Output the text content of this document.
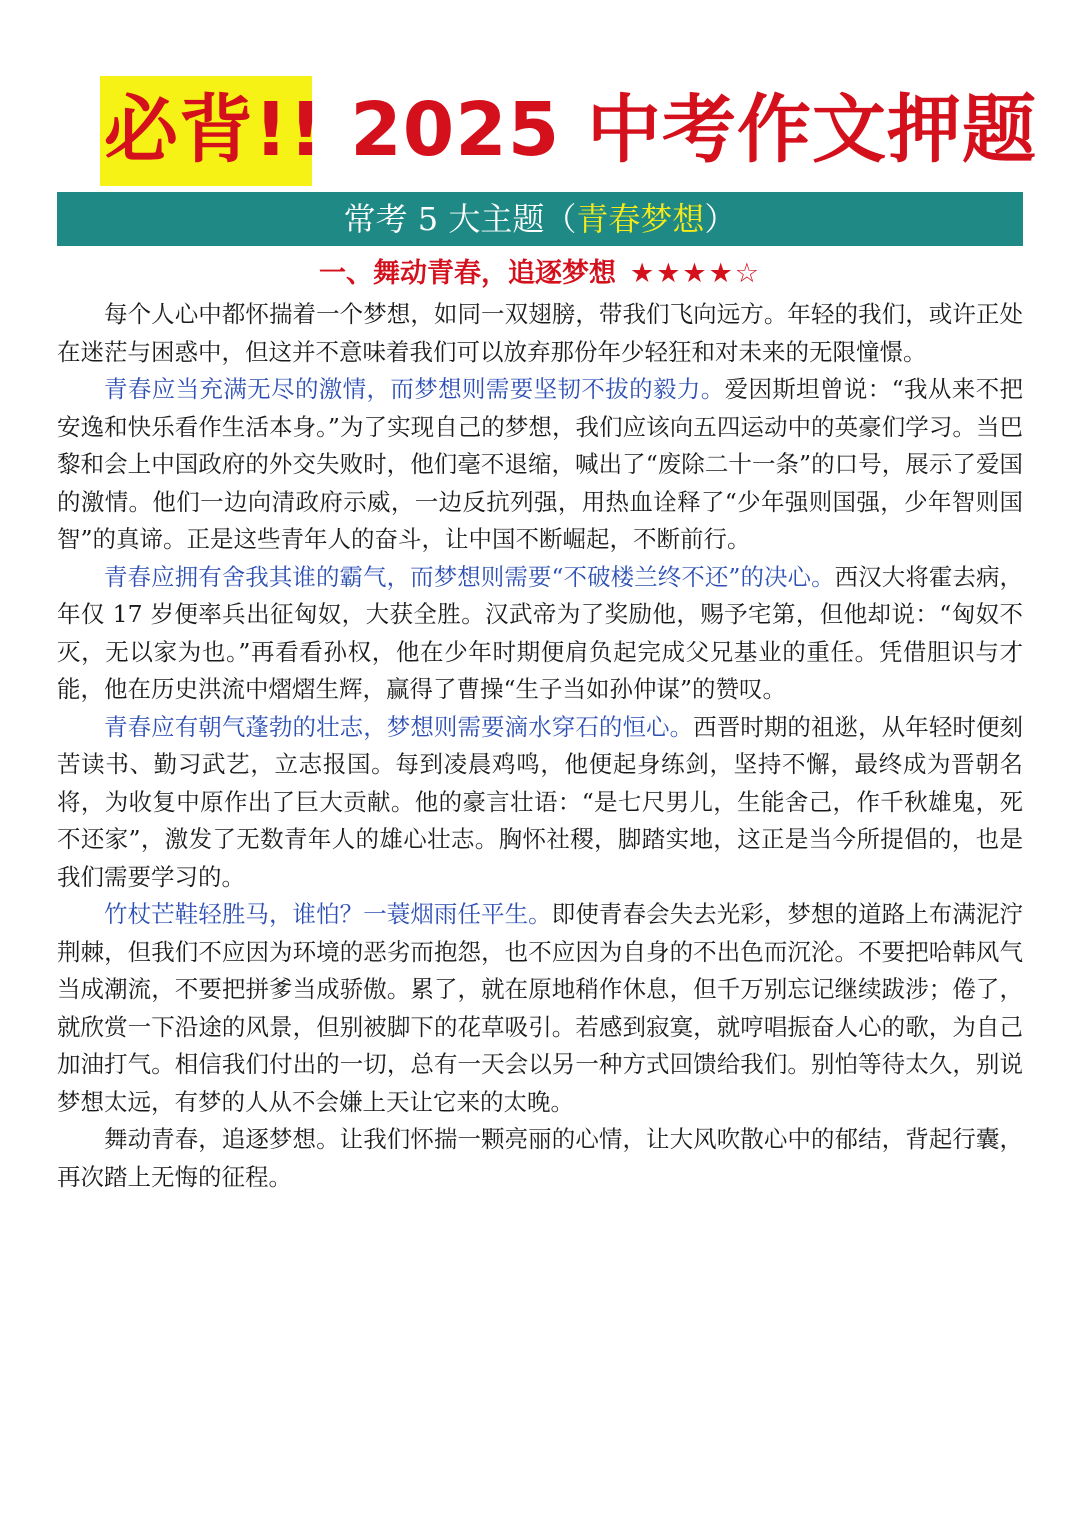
必背!! 2025 中考作文押题
常考 5 大主题（青春梦想）
一、舞动青春，追逐梦想 ★★★★☆

每个人心中都怀揣着一个梦想，如同一双翅膀，带我们飞向远方。年轻的我们，或许正处在迷茫与困惑中，但这并不意味着我们可以放弃那份年少轻狂和对未来的无限憧憬。

青春应当充满无尽的激情，而梦想则需要坚韧不拔的毅力。爱因斯坦曾说：“我从来不把安逸和快乐看作生活本身。”为了实现自己的梦想，我们应该向五四运动中的英豪们学习。当巴黎和会上中国政府的外交失败时，他们毫不退缩，喊出了“废除二十一条”的口号，展示了爱国的激情。他们一边向清政府示威，一边反抗列强，用热血诠释了“少年强则国强，少年智则国智”的真谛。正是这些青年人的奋斗，让中国不断崛起，不断前行。

青春应拥有舍我其谁的霸气，而梦想则需要“不破楼兰终不还”的决心。西汉大将霍去病，年仅 17 岁便率兵出征匈奴，大获全胜。汉武帝为了奖励他，赐予宅第，但他却说：“匈奴不灭，无以家为也。”再看看孙权，他在少年时期便肩负起完成父兄基业的重任。凭借胆识与才能，他在历史洪流中熠熠生辉，赢得了曹操“生子当如孙仲谋”的赞叹。

青春应有朝气蓬勃的壮志，梦想则需要滴水穿石的恒心。西晋时期的祖逖，从年轻时便刻苦读书、勤习武艺，立志报国。每到凌晨鸡鸣，他便起身练剑，坚持不懈，最终成为晋朝名将，为收复中原作出了巨大贡献。他的豪言壮语：“是七尺男儿，生能舍己，作千秋雄鬼，死不还家”，激发了无数青年人的雄心壮志。胸怀社稷，脚踏实地，这正是当今所提倡的，也是我们需要学习的。

竹杖芒鞋轻胜马，谁怕？一蓑烟雨任平生。即使青春会失去光彩，梦想的道路上布满泥泞荆棘，但我们不应因为环境的恶劣而抱怨，也不应因为自身的不出色而沉沦。不要把哈韩风气当成潮流，不要把拼爹当成骄傲。累了，就在原地稍作休息，但千万别忘记继续跋涉；倦了，就欣赏一下沿途的风景，但别被脚下的花草吸引。若感到寂寞，就哼唱振奋人心的歌，为自己加油打气。相信我们付出的一切，总有一天会以另一种方式回馈给我们。别怕等待太久，别说梦想太远，有梦的人从不会嫌上天让它来的太晚。

舞动青春，追逐梦想。让我们怀揣一颗亮丽的心情，让大风吹散心中的郁结，背起行囊，再次踏上无悔的征程。
